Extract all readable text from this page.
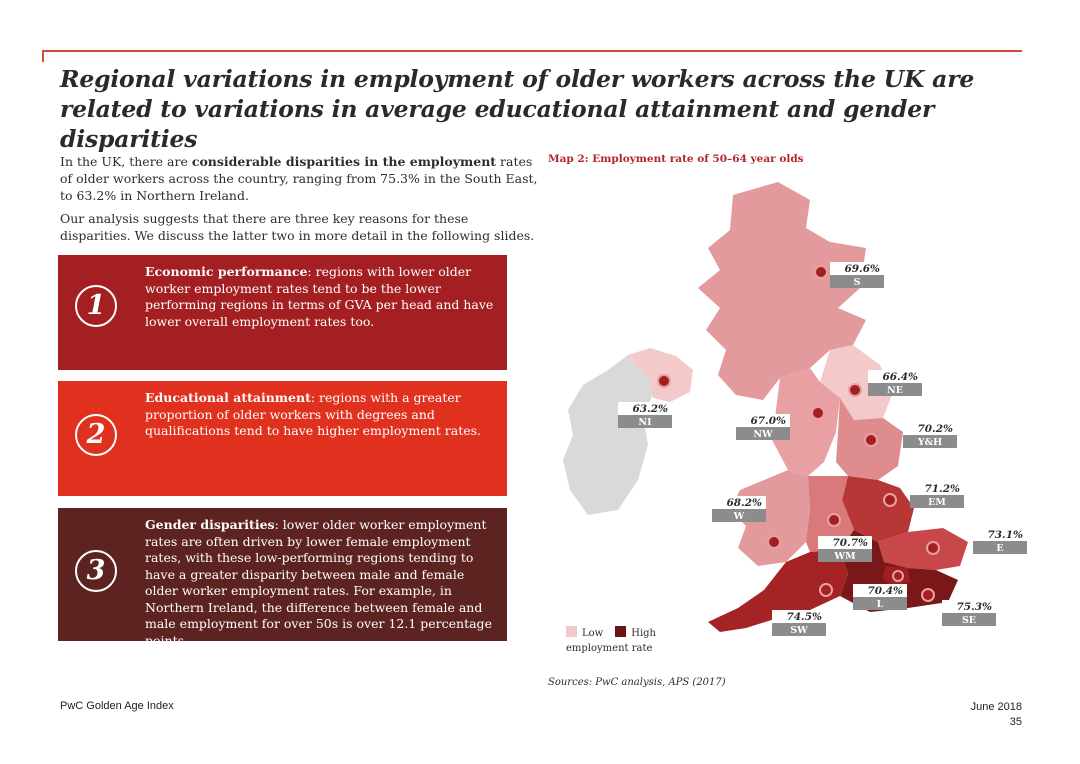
Regional variations in employment of older workers across the UK are related to variations in average educational attainment and gender disparities

In the UK, there are considerable disparities in the employment rates of older workers across the country, ranging from 75.3% in the South East, to 63.2% in Northern Ireland.

Our analysis suggests that there are three key reasons for these disparities. We discuss the latter two in more detail in the following slides.

1
Economic performance: regions with lower older worker employment rates tend to be the lower performing regions in terms of GVA per head and have lower overall employment rates too.
2
Educational attainment: regions with a greater proportion of older workers with degrees and qualifications tend to have higher employment rates.
3
Gender disparities: lower older worker employment rates are often driven by lower female employment rates, with these low-performing regions tending to have a greater disparity between male and female older worker employment rates. For example, in Northern Ireland, the difference between female and male employment for over 50s is over 12.1 percentage points.
Map 2: Employment rate of 50–64 year olds
69.6%
S
66.4%
NE
63.2%
NI	67.0%
NW	70.2%
Y&H
71.2%
EM
68.2%
W
73.1%
E
70.7%
WM
70.4%
L	75.3%
SE
74.5%
SW
Low	High
employment rate
Sources: PwC analysis, APS (2017)
PwC Golden Age Index	June 2018
35
